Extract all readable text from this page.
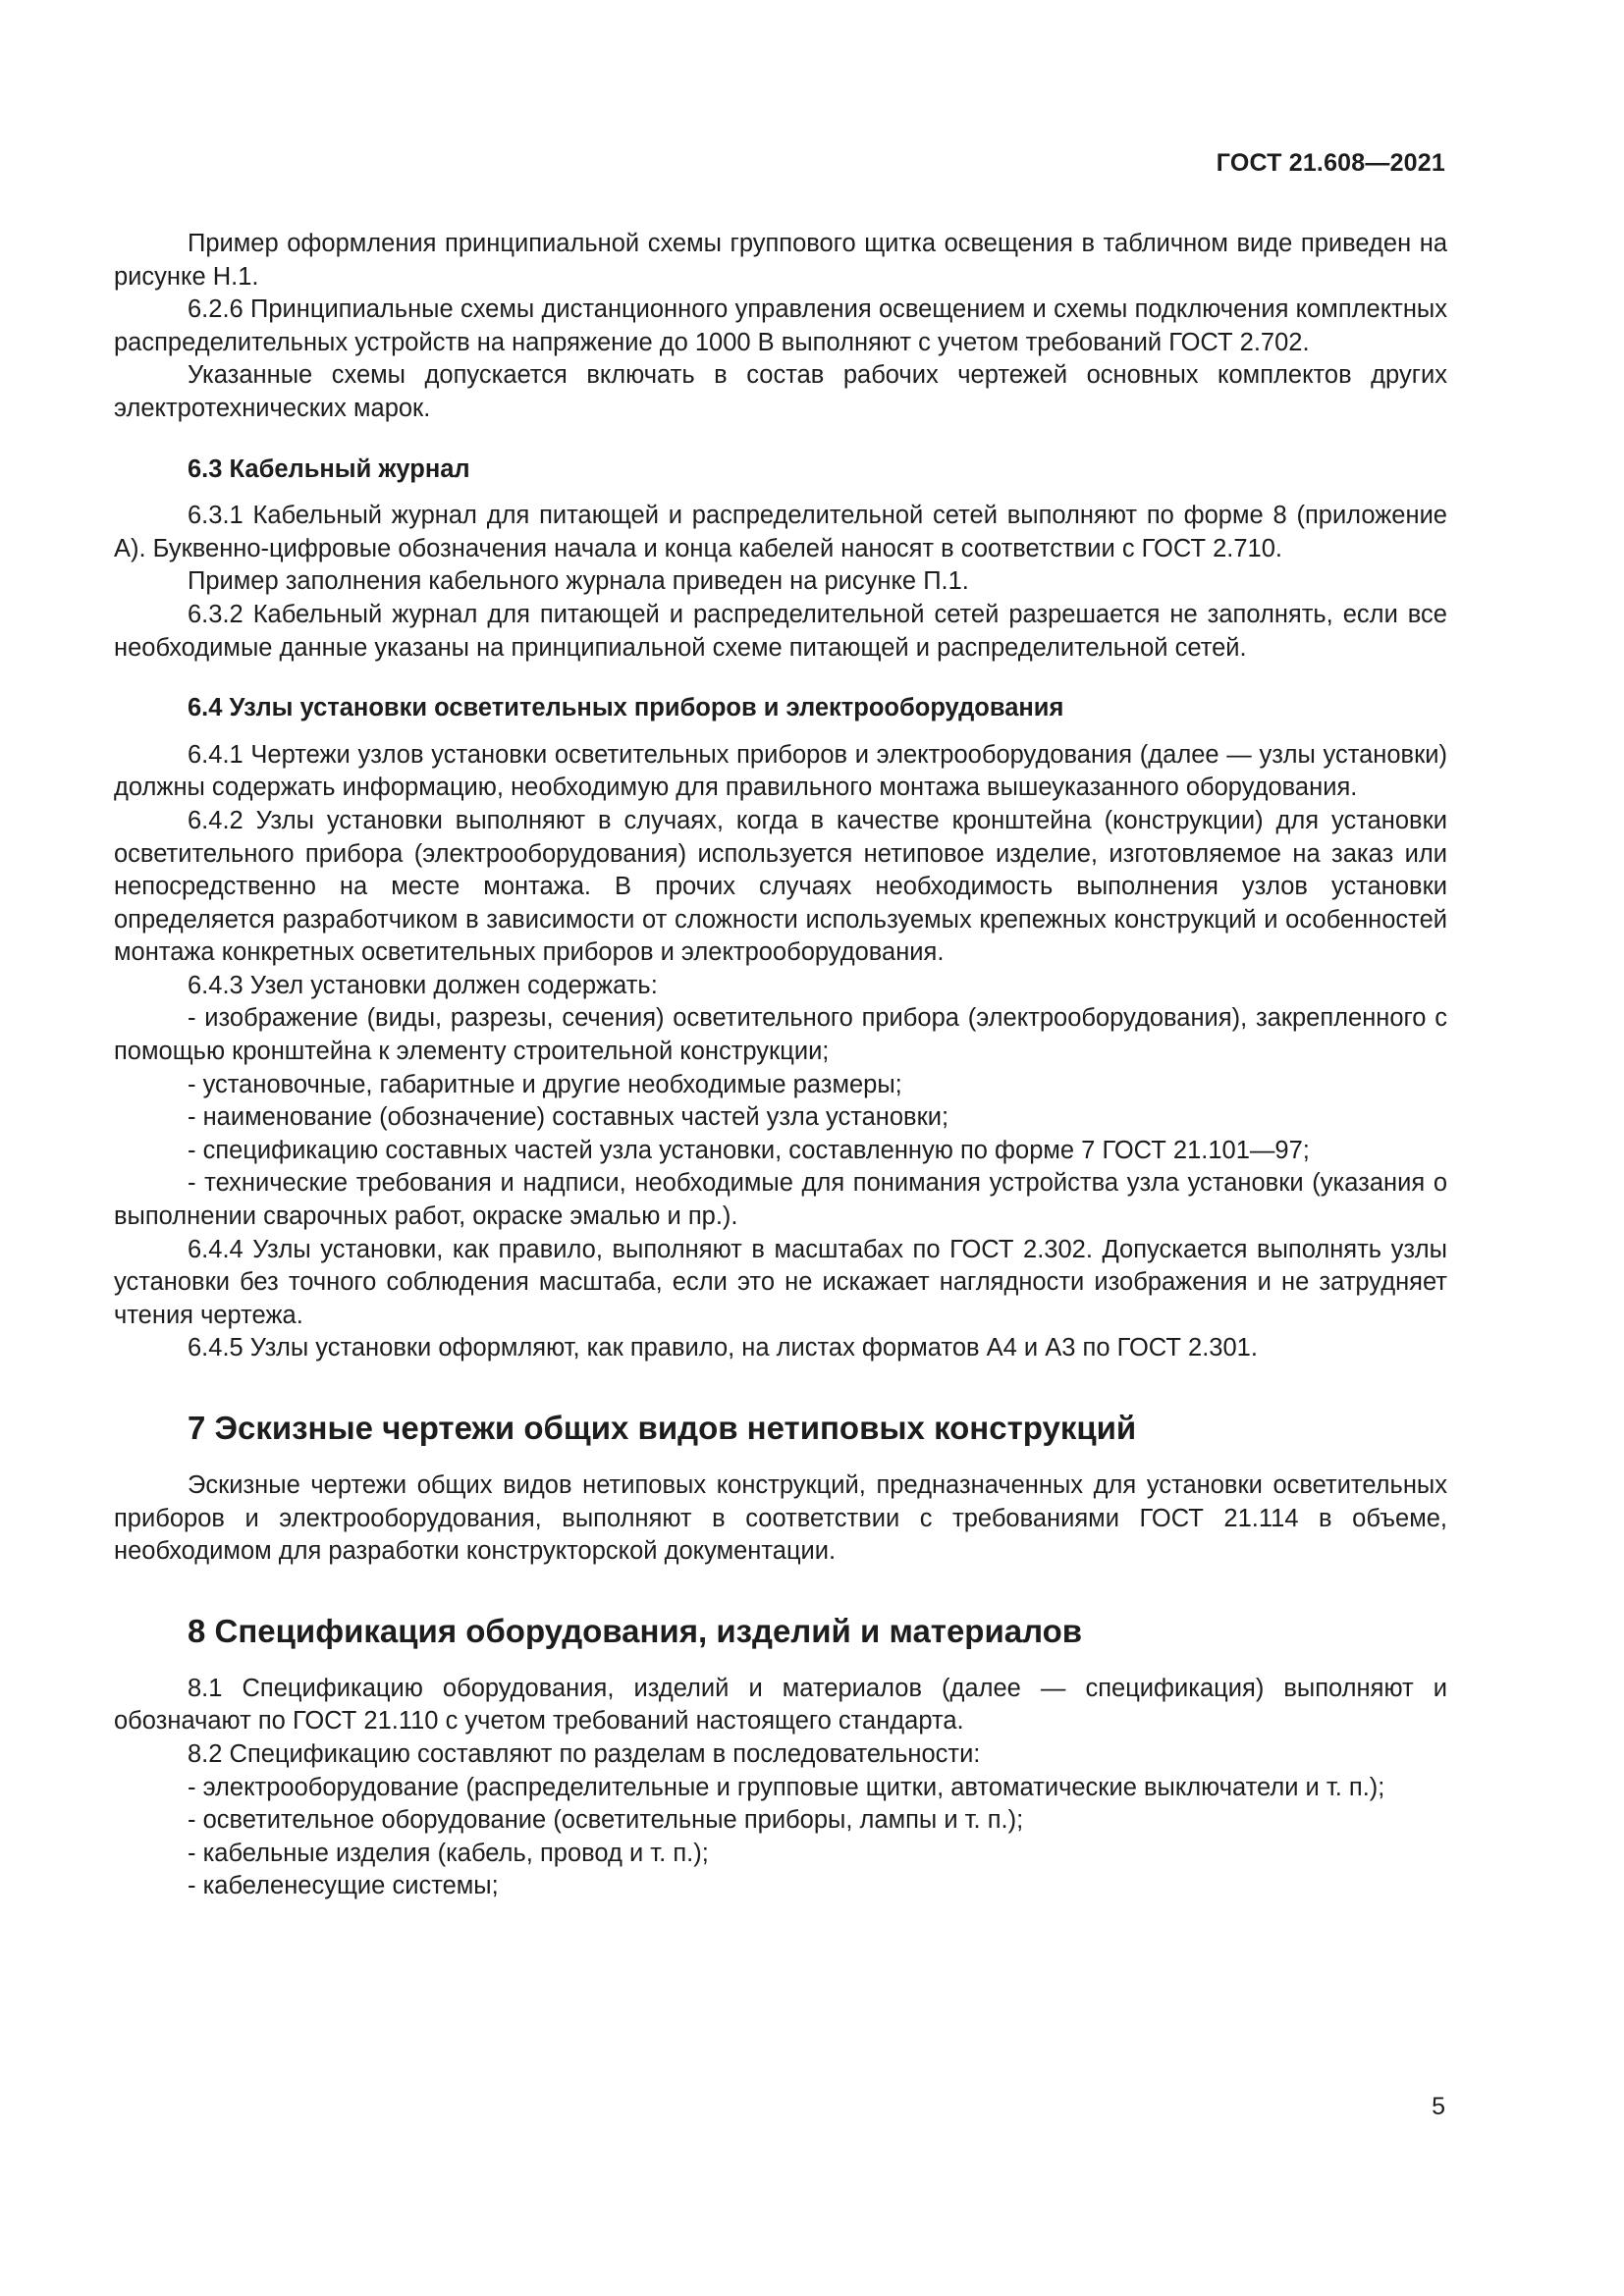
ГОСТ 21.608—2021

Пример оформления принципиальной схемы группового щитка освещения в табличном виде приведен на рисунке Н.1.

6.2.6 Принципиальные схемы дистанционного управления освещением и схемы подключения комплектных распределительных устройств на напряжение до 1000 В выполняют с учетом требований ГОСТ 2.702.

Указанные схемы допускается включать в состав рабочих чертежей основных комплектов других электротехнических марок.

6.3 Кабельный журнал

6.3.1 Кабельный журнал для питающей и распределительной сетей выполняют по форме 8 (приложение А). Буквенно-цифровые обозначения начала и конца кабелей наносят в соответствии с ГОСТ 2.710.

Пример заполнения кабельного журнала приведен на рисунке П.1.

6.3.2 Кабельный журнал для питающей и распределительной сетей разрешается не заполнять, если все необходимые данные указаны на принципиальной схеме питающей и распределительной сетей.

6.4 Узлы установки осветительных приборов и электрооборудования

6.4.1 Чертежи узлов установки осветительных приборов и электрооборудования (далее — узлы установки) должны содержать информацию, необходимую для правильного монтажа вышеуказанного оборудования.

6.4.2 Узлы установки выполняют в случаях, когда в качестве кронштейна (конструкции) для установки осветительного прибора (электрооборудования) используется нетиповое изделие, изготовляемое на заказ или непосредственно на месте монтажа. В прочих случаях необходимость выполнения узлов установки определяется разработчиком в зависимости от сложности используемых крепежных конструкций и особенностей монтажа конкретных осветительных приборов и электрооборудования.

6.4.3 Узел установки должен содержать:

- изображение (виды, разрезы, сечения) осветительного прибора (электрооборудования), закрепленного с помощью кронштейна к элементу строительной конструкции;

- установочные, габаритные и другие необходимые размеры;

- наименование (обозначение) составных частей узла установки;

- спецификацию составных частей узла установки, составленную по форме 7 ГОСТ 21.101—97;

- технические требования и надписи, необходимые для понимания устройства узла установки (указания о выполнении сварочных работ, окраске эмалью и пр.).

6.4.4 Узлы установки, как правило, выполняют в масштабах по ГОСТ 2.302. Допускается выполнять узлы установки без точного соблюдения масштаба, если это не искажает наглядности изображения и не затрудняет чтения чертежа.

6.4.5 Узлы установки оформляют, как правило, на листах форматов А4 и А3 по ГОСТ 2.301.

7 Эскизные чертежи общих видов нетиповых конструкций

Эскизные чертежи общих видов нетиповых конструкций, предназначенных для установки осветительных приборов и электрооборудования, выполняют в соответствии с требованиями ГОСТ 21.114 в объеме, необходимом для разработки конструкторской документации.

8 Спецификация оборудования, изделий и материалов

8.1 Спецификацию оборудования, изделий и материалов (далее — спецификация) выполняют и обозначают по ГОСТ 21.110 с учетом требований настоящего стандарта.

8.2 Спецификацию составляют по разделам в последовательности:

- электрооборудование (распределительные и групповые щитки, автоматические выключатели и т. п.);

- осветительное оборудование (осветительные приборы, лампы и т. п.);

- кабельные изделия (кабель, провод и т. п.);

- кабеленесущие системы;

5
